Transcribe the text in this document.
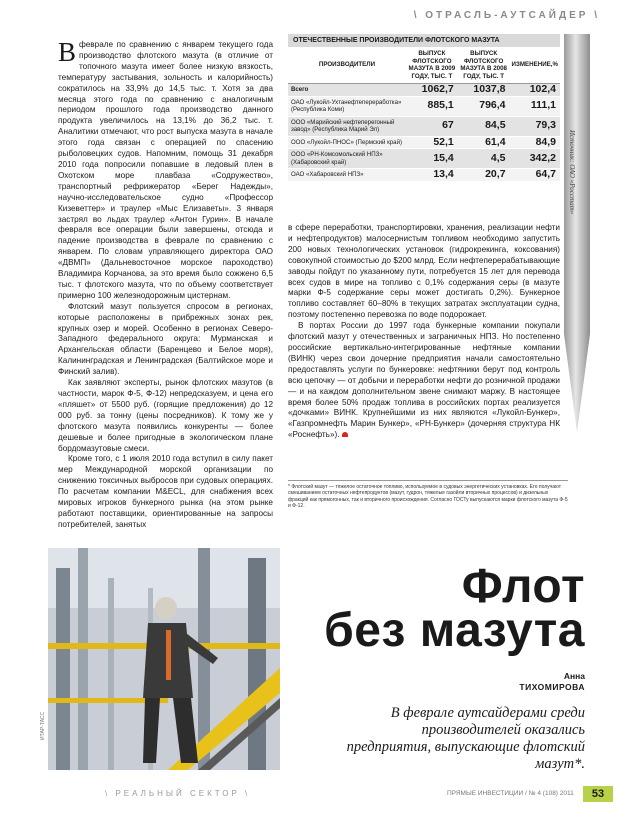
\ ОТРАСЛЬ-АУТСАЙДЕР \

Вфеврале по сравнению с январем текущего года производство флотского мазута (в отличие от топочного мазута имеет более низкую вязкость, температуру застывания, зольность и калорийность) сократилось на 33,9% до 14,5 тыс. т. Хотя за два месяца этого года по сравнению с аналогичным периодом прошлого года производство данного продукта увеличилось на 13,1% до 36,2 тыс. т. Аналитики отмечают, что рост выпуска мазута в начале этого года связан с операцией по спасению рыболовецких судов. Напомним, помощь 31 декабря 2010 года попросили попавшие в ледовый плен в Охотском море плавбаза «Содружество», транспортный рефрижератор «Берег Надежды», научно-исследовательское судно «Профессор Кизеветтер» и траулер «Мыс Елизаветы». 3 января застрял во льдах траулер «Антон Гурин». В начале февраля все операции были завершены, отсюда и падение производства в феврале по сравнению с январем. По словам управляющего директора ОАО «ДВМП» (Дальневосточное морское пароходство) Владимира Корчанова, за это время было сожжено 6,5 тыс. т флотского мазута, что по объему соответствует примерно 100 железнодорожным цистернам.

Флотский мазут пользуется спросом в регионах, которые расположены в прибрежных зонах рек, крупных озер и морей. Особенно в регионах Северо-Западного федерального округа: Мурманская и Архангельская области (Баренцево и Белое моря), Калининградская и Ленинградская (Балтийское море и Финский залив).

Как заявляют эксперты, рынок флотских мазутов (в частности, марок Ф-5, Ф-12) непредсказуем, и цена его «пляшет» от 5500 руб. (горящие предложения) до 12 000 руб. за тонну (цены посредников). К тому же у флотского мазута появились конкуренты — более дешевые и более пригодные в экологическом плане бордомазутовые смеси.

Кроме того, с 1 июля 2010 года вступил в силу пакет мер Международной морской организации по снижению токсичных выбросов при судовых операциях. По расчетам компании M&ECL, для снабжения всех мировых игроков бункерного рынка (на этом рынке работают поставщики, ориентированные на запросы потребителей, занятых

ОТЕЧЕСТВЕННЫЕ ПРОИЗВОДИТЕЛИ ФЛОТСКОГО МАЗУТА
ПРОИЗВОДИТЕЛИ	ВЫПУСК ФЛОТСКОГО МАЗУТА В 2009 ГОДУ, ТЫС. Т	ВЫПУСК ФЛОТСКОГО МАЗУТА В 2008 ГОДУ, ТЫС. Т	ИЗМЕНЕНИЕ,%
Всего	1062,7	1037,8	102,4
ОАО «Лукойл-Ухтанефтепереработка» (Республика Коми)	885,1	796,4	111,1
ООО «Марийский нефтеперегонный завод» (Республика Марий Эл)	67	84,5	79,3
ООО «Лукойл-ПНОС» (Пермский край)	52,1	61,4	84,9
ООО «РН-Комсомольский НПЗ» (Хабаровский край)	15,4	4,5	342,2
ОАО «Хабаровский НПЗ»	13,4	20,7	64,7 Источник: ОАО «Росстат»

в сфере переработки, транспортировки, хранения, реализации нефти и нефтепродуктов) малосернистым топливом необходимо запустить 200 новых технологических установок (гидрокрекинга, коксования) совокупной стоимостью до $200 млрд. Если нефтеперерабатывающие заводы пойдут по указанному пути, потребуется 15 лет для перевода всех судов в мире на топливо с 0,1% содержания серы (в мазуте марки Ф-5 содержание серы может достигать 0,2%). Бункерное топливо составляет 60–80% в текущих затратах эксплуатации судна, поэтому постепенно перевозка по воде подорожает.

В портах России до 1997 года бункерные компании покупали флотский мазут у отечественных и заграничных НПЗ. Но постепенно российские вертикально-интегрированные нефтяные компании (ВИНК) через свои дочерние предприятия начали самостоятельно предоставлять услуги по бункеровке: нефтяники берут под контроль всю цепочку — от добычи и переработки нефти до розничной продажи — и на каждом дополнительном звене снимают маржу. В настоящее время более 50% продаж топлива в российских портах реализуется «дочками» ВИНК. Крупнейшими из них являются «Лукойл-Бункер», «Газпромнефть Марин Бункер», «РН-Бункер» (дочерняя структура НК «Роснефть»).

* Флотский мазут — тяжелое остаточное топливо, используемое в судовых энергетических установках. Его получают смешиванием остаточных нефтепродуктов (мазут, гудрон, тяжелые газойли вторичных процессов) и дизельных фракций как прямогонных, так и вторичного происхождения. Согласно ГОСТу выпускаются марки флотского мазута Ф-5 и Ф-12.
ИТАР-ТАСС
Флот
без мазута
Анна
ТИХОМИРОВА
В феврале аутсайдерами среди производителей оказались предприятия, выпускающие флотский мазут*.
\ РЕАЛЬНЫЙ СЕКТОР \	ПРЯМЫЕ ИНВЕСТИЦИИ / № 4 (108) 2011	53
